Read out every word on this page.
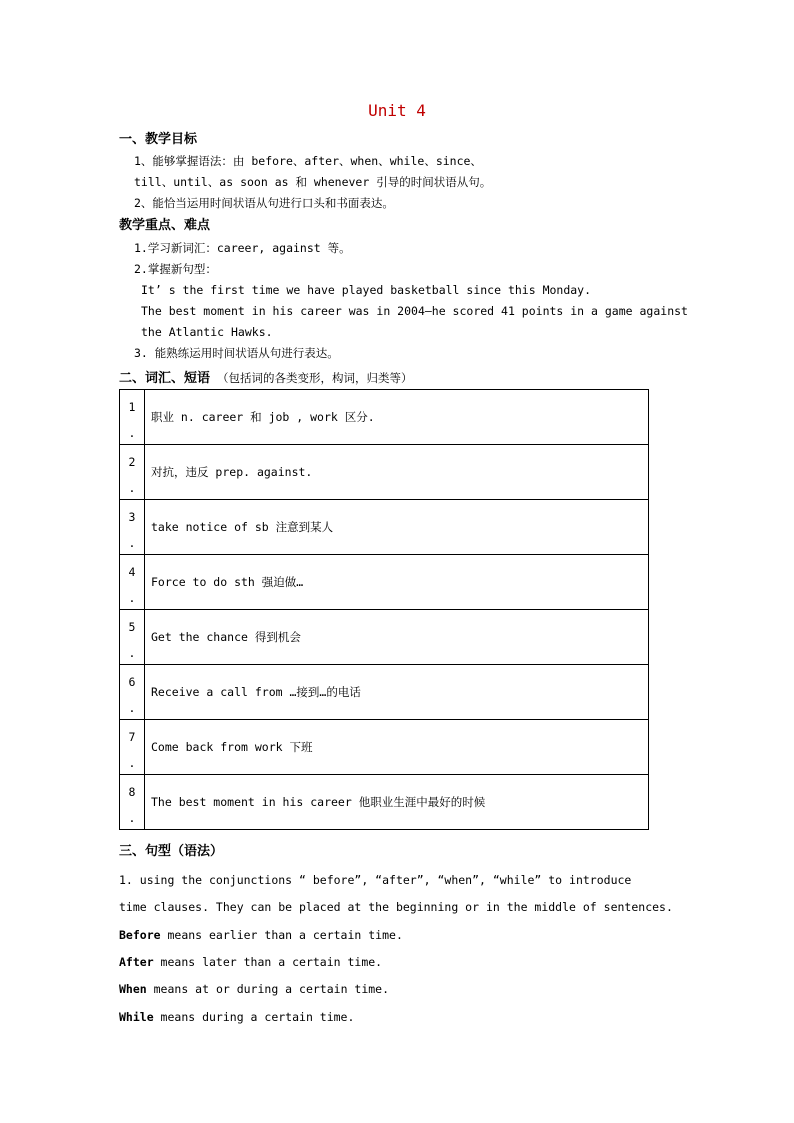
Unit 4
一、教学目标
1、能够掌握语法：由 before、after、when、while、since、
till、until、as soon as 和 whenever 引导的时间状语从句。
2、能恰当运用时间状语从句进行口头和书面表达。
教学重点、难点
1.学习新词汇：career, against 等。
2.掌握新句型：
It’ s the first time we have played basketball since this Monday.
The best moment in his career was in 2004—he scored 41 points in a game against
the Atlantic Hawks.
3. 能熟练运用时间状语从句进行表达。
二、词汇、短语 （包括词的各类变形，构词，归类等）
1
.	职业 n. career 和 job , work 区分.

2
.	对抗，违反 prep. against.

3
.	take notice of sb 注意到某人

4
.	Force to do sth 强迫做…

5
.	Get the chance 得到机会

6
.	Receive a call from …接到…的电话

7
.	Come back from work 下班

8
.	The best moment in his career 他职业生涯中最好的时候
三、句型（语法）
1. using the conjunctions “ before”, “after”, “when”, “while” to introduce
time clauses. They can be placed at the beginning or in the middle of sentences.
Before means earlier than a certain time.
After means later than a certain time.
When means at or during a certain time.
While means during a certain time.
